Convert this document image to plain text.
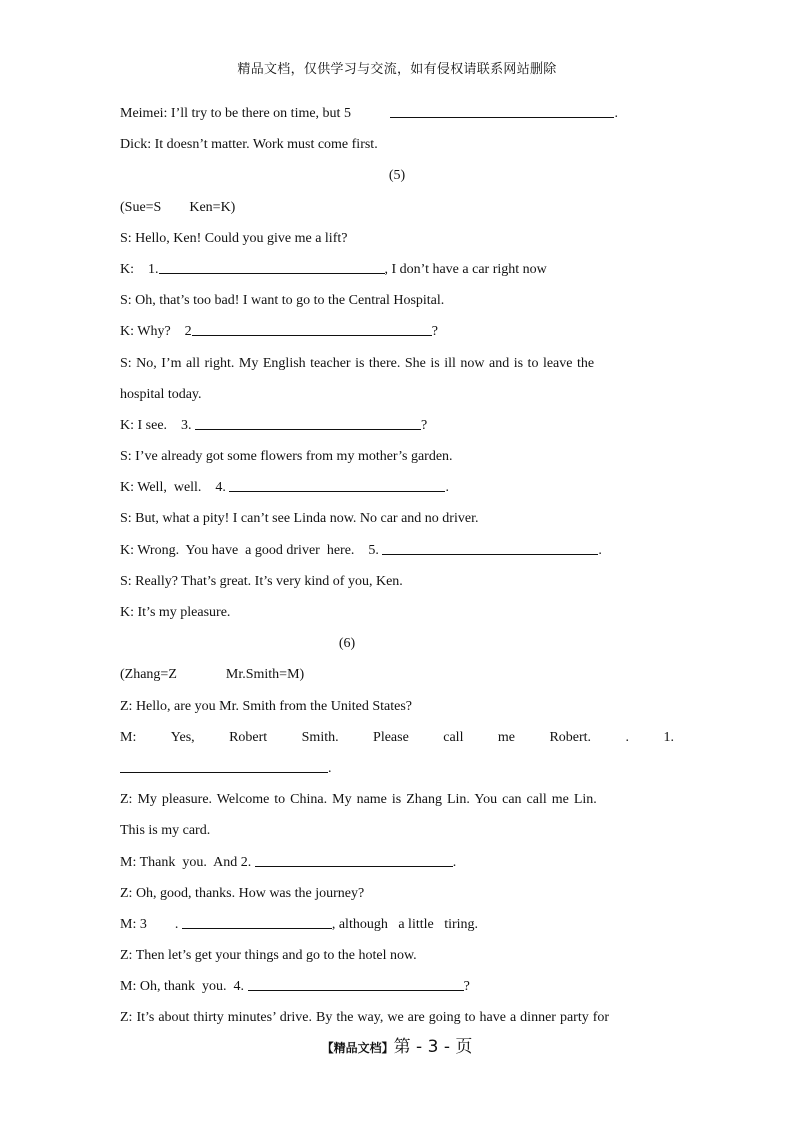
精品文档，仅供学习与交流，如有侵权请联系网站删除
Meimei: I’ll try to be there on time, but 5	.
Dick: It doesn’t matter. Work must come first.
(5)
(Sue=S        Ken=K)
S: Hello, Ken! Could you give me a lift?
K:    1.	, I don’t have a car right now
S: Oh, that’s too bad! I want to go to the Central Hospital.
K: Why?    2	?
S: No, I’m all right. My English teacher is there. She is ill now and is to leave the
hospital today.
K: I see.    3.	?
S: I’ve already got some flowers from my mother’s garden.
K: Well,  well.    4.	.
S: But, what a pity! I can’t see Linda now. No car and no driver.
K: Wrong.  You have  a good driver  here.    5.	.
S: Really? That’s great. It’s very kind of you, Ken.
K: It’s my pleasure.
(6)
(Zhang=Z              Mr.Smith=M)
Z: Hello, are you Mr. Smith from the United States?
M: Yes, Robert Smith. Please call me Robert. . 1.
.
Z: My pleasure. Welcome to China. My name is Zhang Lin. You can call me Lin.
This is my card.
M: Thank  you.  And 2.	.
Z: Oh, good, thanks. How was the journey?
M: 3        .	, although   a little   tiring.
Z: Then let’s get your things and go to the hotel now.
M: Oh, thank  you.  4.	?
Z: It’s about thirty minutes’ drive. By the way, we are going to have a dinner party for
【精品文档】第 - 3 - 页
